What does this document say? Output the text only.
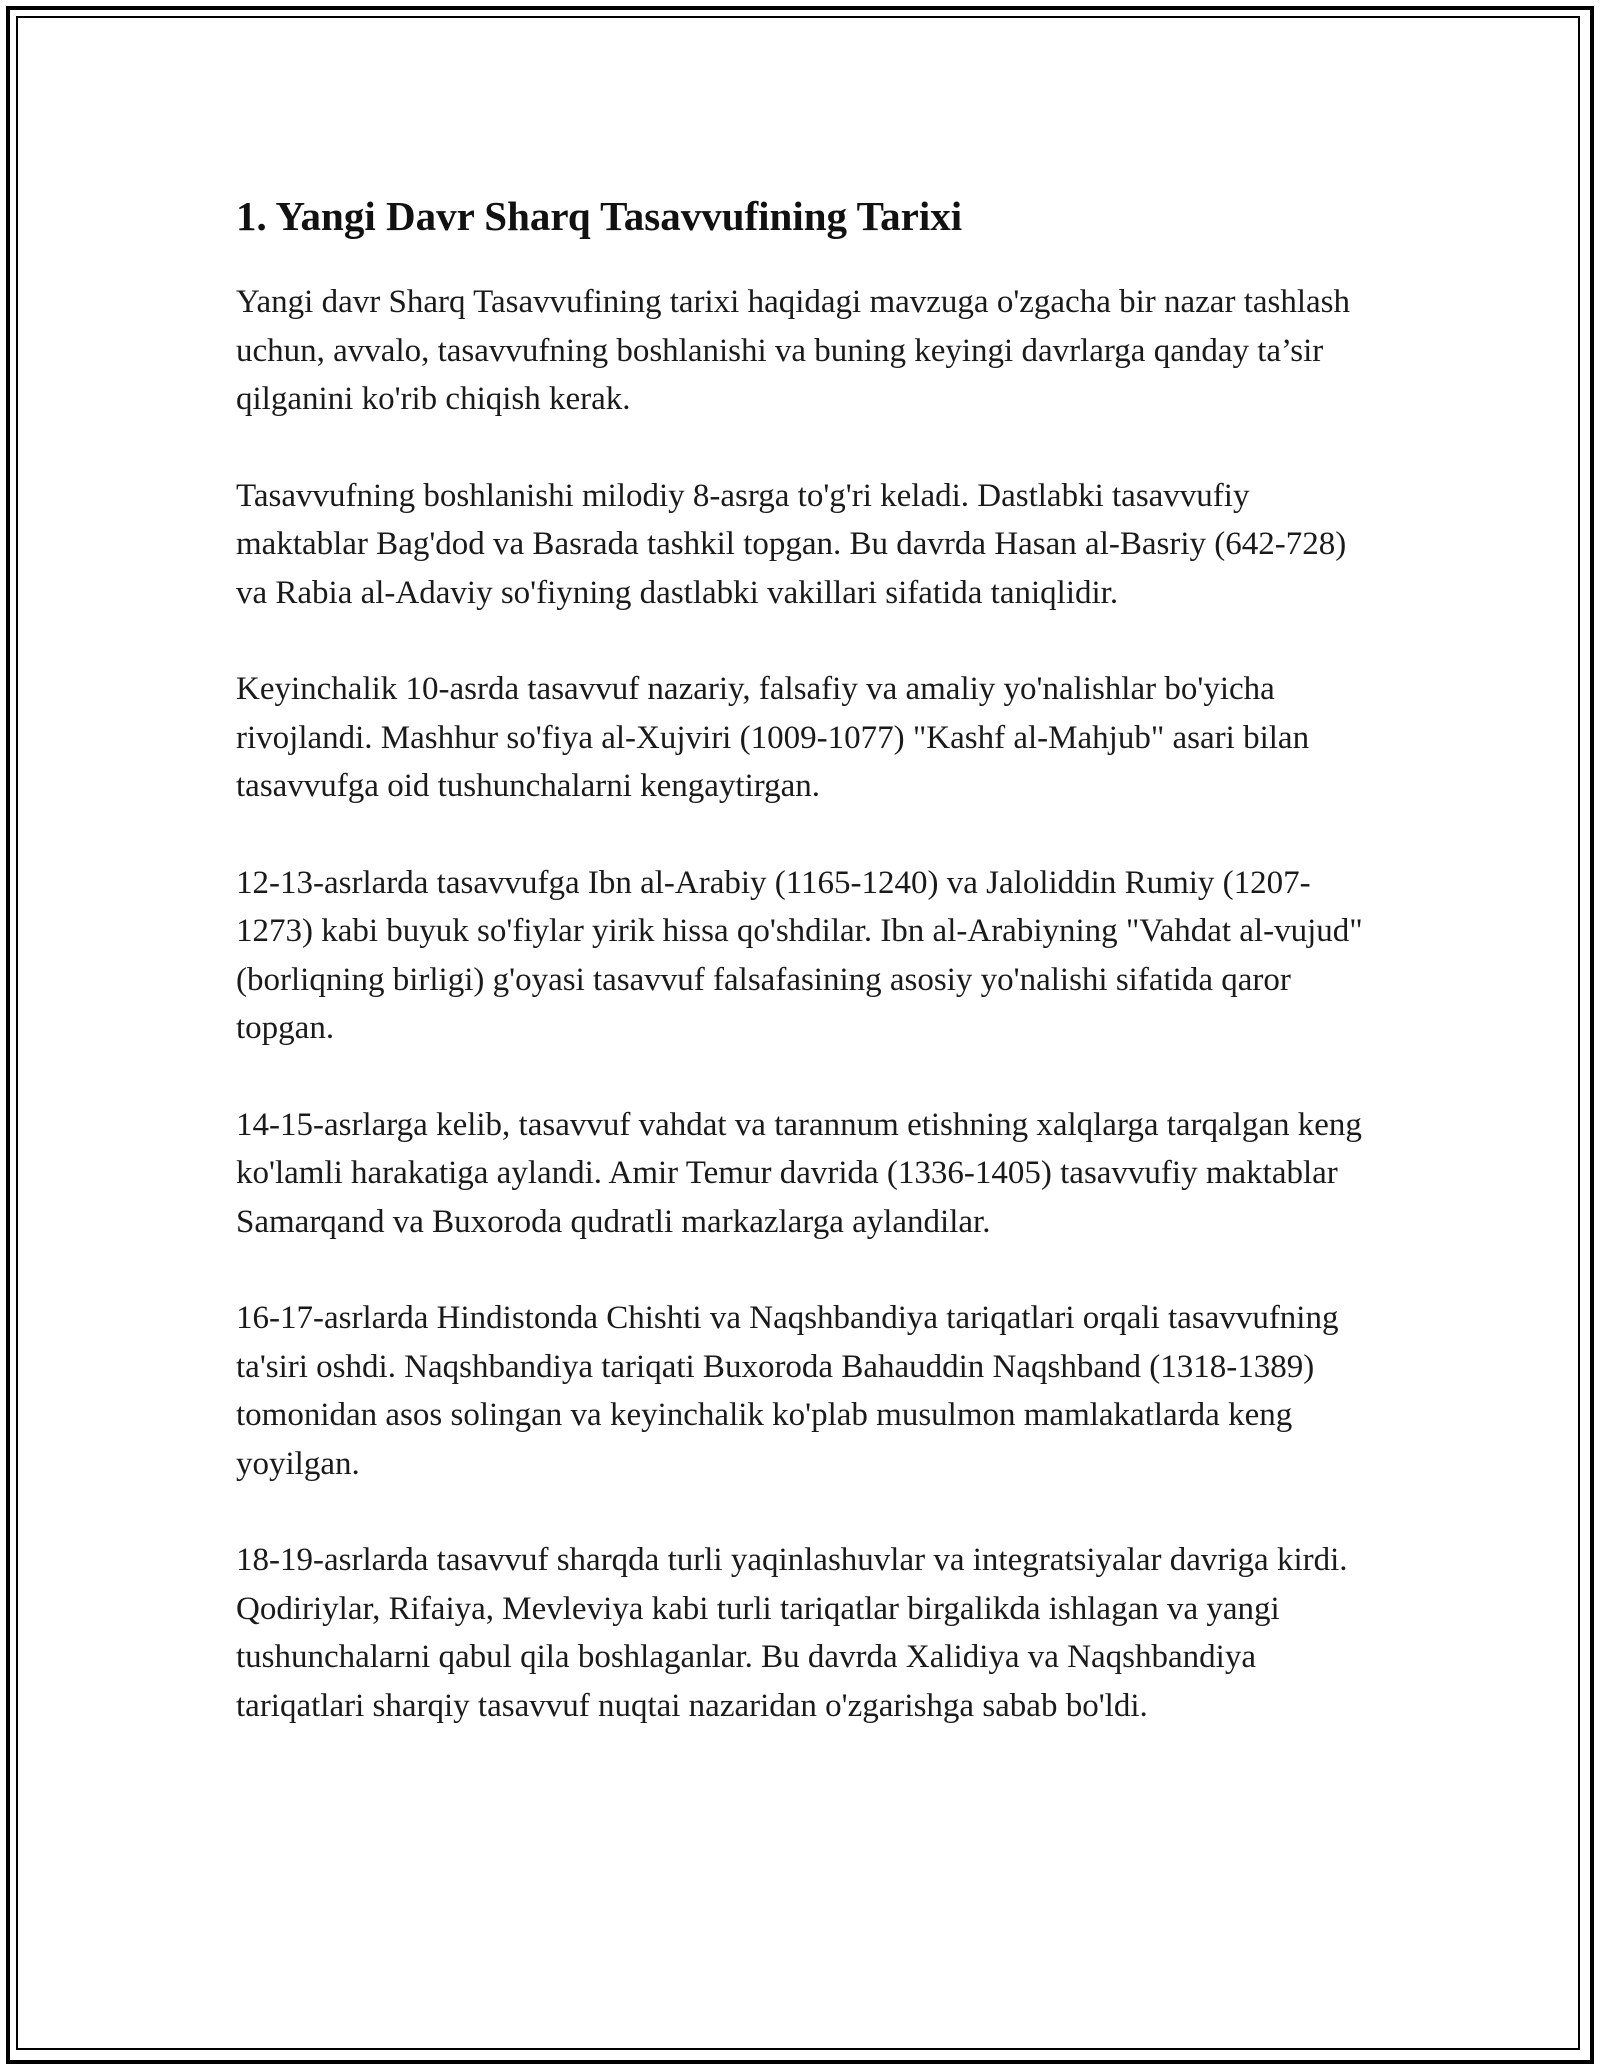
1. Yangi Davr Sharq Tasavvufining Tarixi

Yangi davr Sharq Tasavvufining tarixi haqidagi mavzuga o'zgacha bir nazar tashlash uchun, avvalo, tasavvufning boshlanishi va buning keyingi davrlarga qanday ta’sir qilganini ko'rib chiqish kerak.

Tasavvufning boshlanishi milodiy 8-asrga to'g'ri keladi. Dastlabki tasavvufiy maktablar Bag'dod va Basrada tashkil topgan. Bu davrda Hasan al-Basriy (642-728) va Rabia al-Adaviy so'fiyning dastlabki vakillari sifatida taniqlidir.

Keyinchalik 10-asrda tasavvuf nazariy, falsafiy va amaliy yo'nalishlar bo'yicha rivojlandi. Mashhur so'fiya al-Xujviri (1009-1077) "Kashf al-Mahjub" asari bilan tasavvufga oid tushunchalarni kengaytirgan.

12-13-asrlarda tasavvufga Ibn al-Arabiy (1165-1240) va Jaloliddin Rumiy (1207-1273) kabi buyuk so'fiylar yirik hissa qo'shdilar. Ibn al-Arabiyning "Vahdat al-vujud" (borliqning birligi) g'oyasi tasavvuf falsafasining asosiy yo'nalishi sifatida qaror topgan.

14-15-asrlarga kelib, tasavvuf vahdat va tarannum etishning xalqlarga tarqalgan keng ko'lamli harakatiga aylandi. Amir Temur davrida (1336-1405) tasavvufiy maktablar Samarqand va Buxoroda qudratli markazlarga aylandilar.

16-17-asrlarda Hindistonda Chishti va Naqshbandiya tariqatlari orqali tasavvufning ta'siri oshdi. Naqshbandiya tariqati Buxoroda Bahauddin Naqshband (1318-1389) tomonidan asos solingan va keyinchalik ko'plab musulmon mamlakatlarda keng yoyilgan.

18-19-asrlarda tasavvuf sharqda turli yaqinlashuvlar va integratsiyalar davriga kirdi. Qodiriylar, Rifaiya, Mevleviya kabi turli tariqatlar birgalikda ishlagan va yangi tushunchalarni qabul qila boshlaganlar. Bu davrda Xalidiya va Naqshbandiya tariqatlari sharqiy tasavvuf nuqtai nazaridan o'zgarishga sabab bo'ldi.
